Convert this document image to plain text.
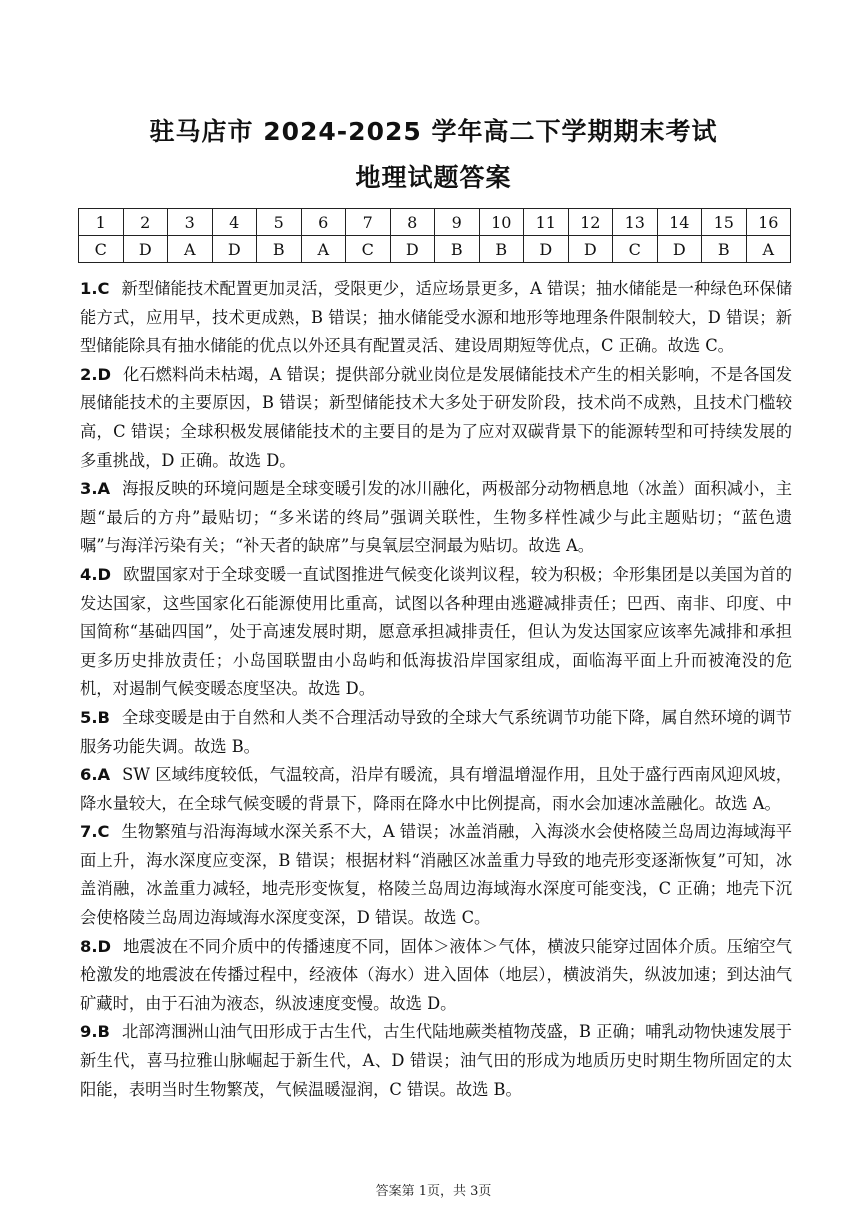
驻马店市 2024-2025 学年高二下学期期末考试
地理试题答案
1	2	3	4	5	6	7	8	9	10	11	12	13	14	15	16
C	D	A	D	B	A	C	D	B	B	D	D	C	D	B	A

1.C 新型储能技术配置更加灵活，受限更少，适应场景更多，A 错误；抽水储能是一种绿色环保储能方式，应用早，技术更成熟，B 错误；抽水储能受水源和地形等地理条件限制较大，D 错误；新型储能除具有抽水储能的优点以外还具有配置灵活、建设周期短等优点，C 正确。故选 C。

2.D 化石燃料尚未枯竭，A 错误；提供部分就业岗位是发展储能技术产生的相关影响，不是各国发展储能技术的主要原因，B 错误；新型储能技术大多处于研发阶段，技术尚不成熟，且技术门槛较高，C 错误；全球积极发展储能技术的主要目的是为了应对双碳背景下的能源转型和可持续发展的多重挑战，D 正确。故选 D。

3.A 海报反映的环境问题是全球变暖引发的冰川融化，两极部分动物栖息地（冰盖）面积减小，主题“最后的方舟”最贴切；“多米诺的终局”强调关联性，生物多样性减少与此主题贴切；“蓝色遗嘱”与海洋污染有关；“补天者的缺席”与臭氧层空洞最为贴切。故选 A。

4.D 欧盟国家对于全球变暖一直试图推进气候变化谈判议程，较为积极；伞形集团是以美国为首的发达国家，这些国家化石能源使用比重高，试图以各种理由逃避减排责任；巴西、南非、印度、中国简称“基础四国”，处于高速发展时期，愿意承担减排责任，但认为发达国家应该率先减排和承担更多历史排放责任；小岛国联盟由小岛屿和低海拔沿岸国家组成，面临海平面上升而被淹没的危机，对遏制气候变暖态度坚决。故选 D。

5.B 全球变暖是由于自然和人类不合理活动导致的全球大气系统调节功能下降，属自然环境的调节服务功能失调。故选 B。

6.A SW 区域纬度较低，气温较高，沿岸有暖流，具有增温增湿作用，且处于盛行西南风迎风坡，降水量较大，在全球气候变暖的背景下，降雨在降水中比例提高，雨水会加速冰盖融化。故选 A。

7.C 生物繁殖与沿海海域水深关系不大，A 错误；冰盖消融，入海淡水会使格陵兰岛周边海域海平面上升，海水深度应变深，B 错误；根据材料“消融区冰盖重力导致的地壳形变逐渐恢复”可知，冰盖消融，冰盖重力减轻，地壳形变恢复，格陵兰岛周边海域海水深度可能变浅，C 正确；地壳下沉会使格陵兰岛周边海域海水深度变深，D 错误。故选 C。

8.D 地震波在不同介质中的传播速度不同，固体＞液体＞气体，横波只能穿过固体介质。压缩空气枪激发的地震波在传播过程中，经液体（海水）进入固体（地层），横波消失，纵波加速；到达油气矿藏时，由于石油为液态，纵波速度变慢。故选 D。

9.B 北部湾涠洲山油气田形成于古生代，古生代陆地蕨类植物茂盛，B 正确；哺乳动物快速发展于新生代，喜马拉雅山脉崛起于新生代，A、D 错误；油气田的形成为地质历史时期生物所固定的太阳能，表明当时生物繁茂，气候温暖湿润，C 错误。故选 B。

答案第 1页，共 3页
